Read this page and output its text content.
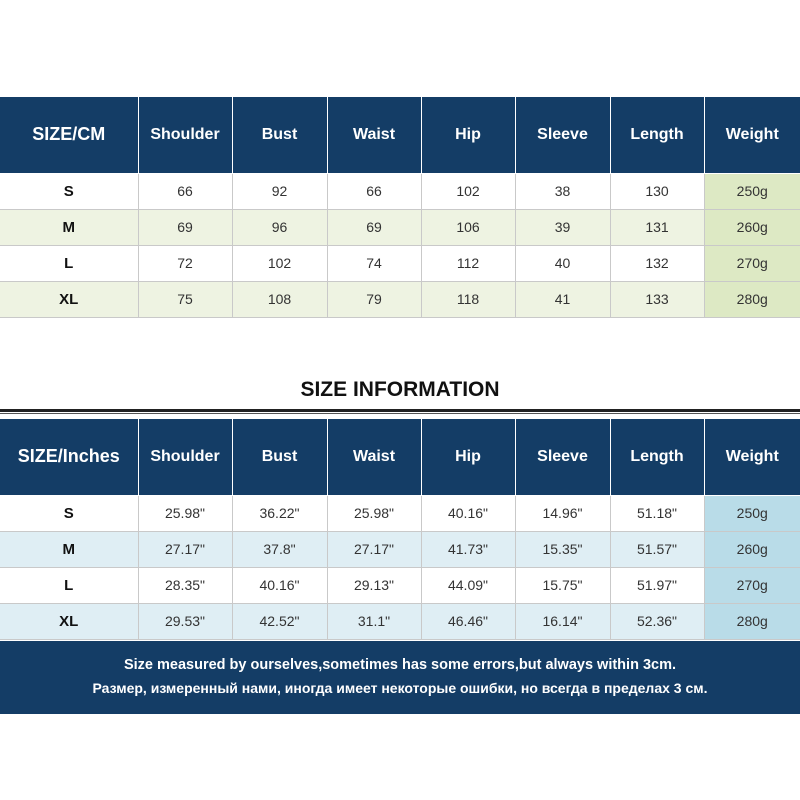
SIZE/CM	Shoulder	Bust	Waist	Hip	Sleeve	Length	Weight
S	66	92	66	102	38	130	250g
M	69	96	69	106	39	131	260g
L	72	102	74	112	40	132	270g
XL	75	108	79	118	41	133	280g
SIZE INFORMATION
SIZE/Inches	Shoulder	Bust	Waist	Hip	Sleeve	Length	Weight
S	25.98"	36.22"	25.98"	40.16"	14.96"	51.18"	250g
M	27.17"	37.8"	27.17"	41.73"	15.35"	51.57"	260g
L	28.35"	40.16"	29.13"	44.09"	15.75"	51.97"	270g
XL	29.53"	42.52"	31.1"	46.46"	16.14"	52.36"	280g
Size measured by ourselves,sometimes has some errors,but always within 3cm.
Размер, измеренный нами, иногда имеет некоторые ошибки, но всегда в пределах 3 см.
